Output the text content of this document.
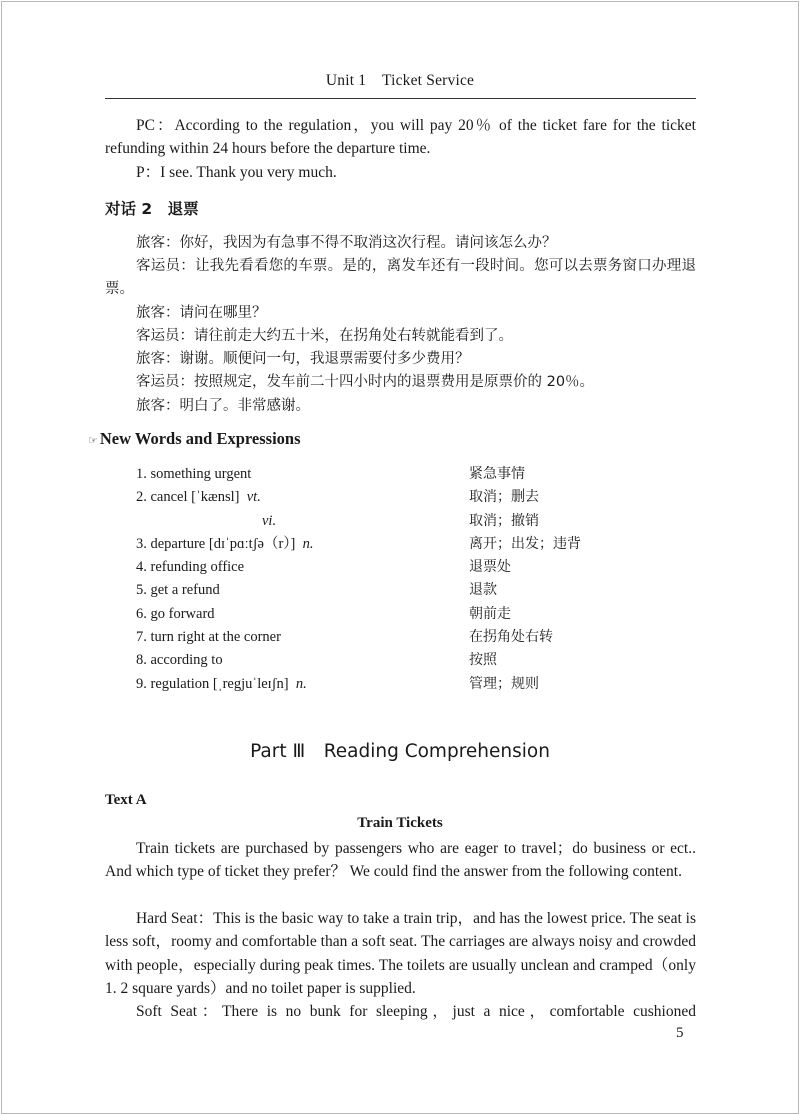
Unit 1 Ticket Service
PC：According to the regulation，you will pay 20％ of the ticket fare for the ticket refunding within 24 hours before the departure time.
P：I see. Thank you very much.
对话 2　退票
旅客：你好，我因为有急事不得不取消这次行程。请问该怎么办？
客运员：让我先看看您的车票。是的，离发车还有一段时间。您可以去票务窗口办理退票。
旅客：请问在哪里？
客运员：请往前走大约五十米，在拐角处右转就能看到了。
旅客：谢谢。顺便问一句，我退票需要付多少费用？
客运员：按照规定，发车前二十四小时内的退票费用是原票价的 20％。
旅客：明白了。非常感谢。
☞ New Words and Expressions
1. something urgent	紧急事情
2. cancel [ˈkænsl]  vt.	取消；删去
vi.	取消；撤销
3. departure [dɪˈpɑːtʃə（r）]  n.	离开；出发；违背
4. refunding office	退票处
5. get a refund	退款
6. go forward	朝前走
7. turn right at the corner	在拐角处右转
8. according to	按照
9. regulation [ˌregjuˈleɪʃn]  n.	管理；规则
Part Ⅲ　Reading Comprehension
Text A
Train Tickets
Train tickets are purchased by passengers who are eager to travel；do business or ect.. And which type of ticket they prefer？ We could find the answer from the following content.
Hard Seat：This is the basic way to take a train trip，and has the lowest price. The seat is less soft，roomy and comfortable than a soft seat. The carriages are always noisy and crowded with people，especially during peak times. The toilets are usually unclean and cramped（only 1. 2 square yards）and no toilet paper is supplied.
Soft Seat：There is no bunk for sleeping，just a nice，comfortable cushioned
5
